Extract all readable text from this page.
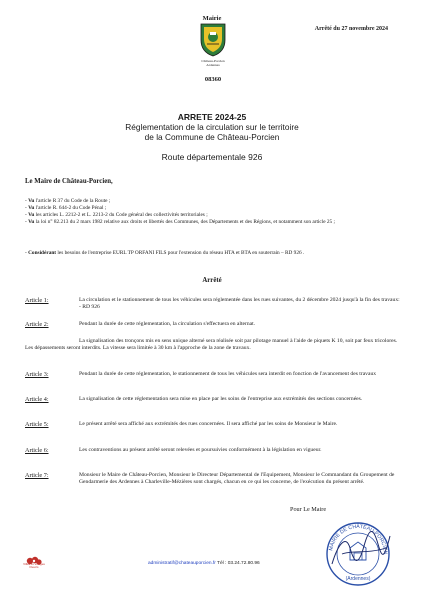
Mairie
Château-Porcien
Ardennes
08360
Arrêté du 27 novembre 2024
ARRETE 2024-25
Réglementation de la circulation sur le territoire
de la Commune de Château-Porcien
Route départementale 926
Le Maire de Château-Porcien,
- Vu l'article R 37 du Code de la Route ;
- Vu l'article R. 644-2 du Code Pénal ;
- Vu les articles L. 2212-2 et L. 2213-2 du Code général des collectivités territoriales ;
- Vu la loi n° 82.213 du 2 mars 1982 relative aux droits et libertés des Communes, des Départements et des Régions, et notamment son article 25 ;
- Considérant les besoins de l'entreprise EURL TP ORFANI FILS pour l'extension du réseau HTA et BTA en souterrain – RD 926 .
Arrêté
Article 1:	La circulation et le stationnement de tous les véhicules sera réglementée dans les rues suivantes, du 2 décembre 2024 jusqu'à la fin des travaux: - RD 926
Article 2:	Pendant la durée de cette réglementation, la circulation s'effectuera en alternat.
La signalisation des tronçons mis en sens unique alterné sera réalisée soit par pilotage manuel à l'aide de piquets K 10, soit par feux tricolores. Les dépassements seront interdits. La vitesse sera limitée à 30 km à l'approche de la zone de travaux.
Article 3:	Pendant la durée de cette réglementation, le stationnement de tous les véhicules sera interdit en fonction de l'avancement des travaux
Article 4:	La signalisation de cette réglementation sera mise en place par les soins de l'entreprise aux extrémités des sections concernées.
Article 5:	Le présent arrêté sera affiché aux extrémités des rues concernées. Il sera affiché par les soins de Monsieur le Maire.
Article 6:	Les contraventions au présent arrêté seront relevées et poursuivies conformément à la législation en vigueur.
Article 7:	Monsieur le Maire de Château-Porcien, Monsieur le Directeur Départemental de l'Equipement, Monsieur le Commandant du Groupement de Gendarmerie des Ardennes à Charleville-Mézières sont chargés, chacun en ce qui les concerne, de l'exécution du présent arrêté.
Pour Le Maire
MAIRIE DE CHÂTEAU-PORCIEN
(Ardennes)
Villes et Villages
Fleuris
administratif@chateauporcien.fr Tél : 03.24.72.80.96
